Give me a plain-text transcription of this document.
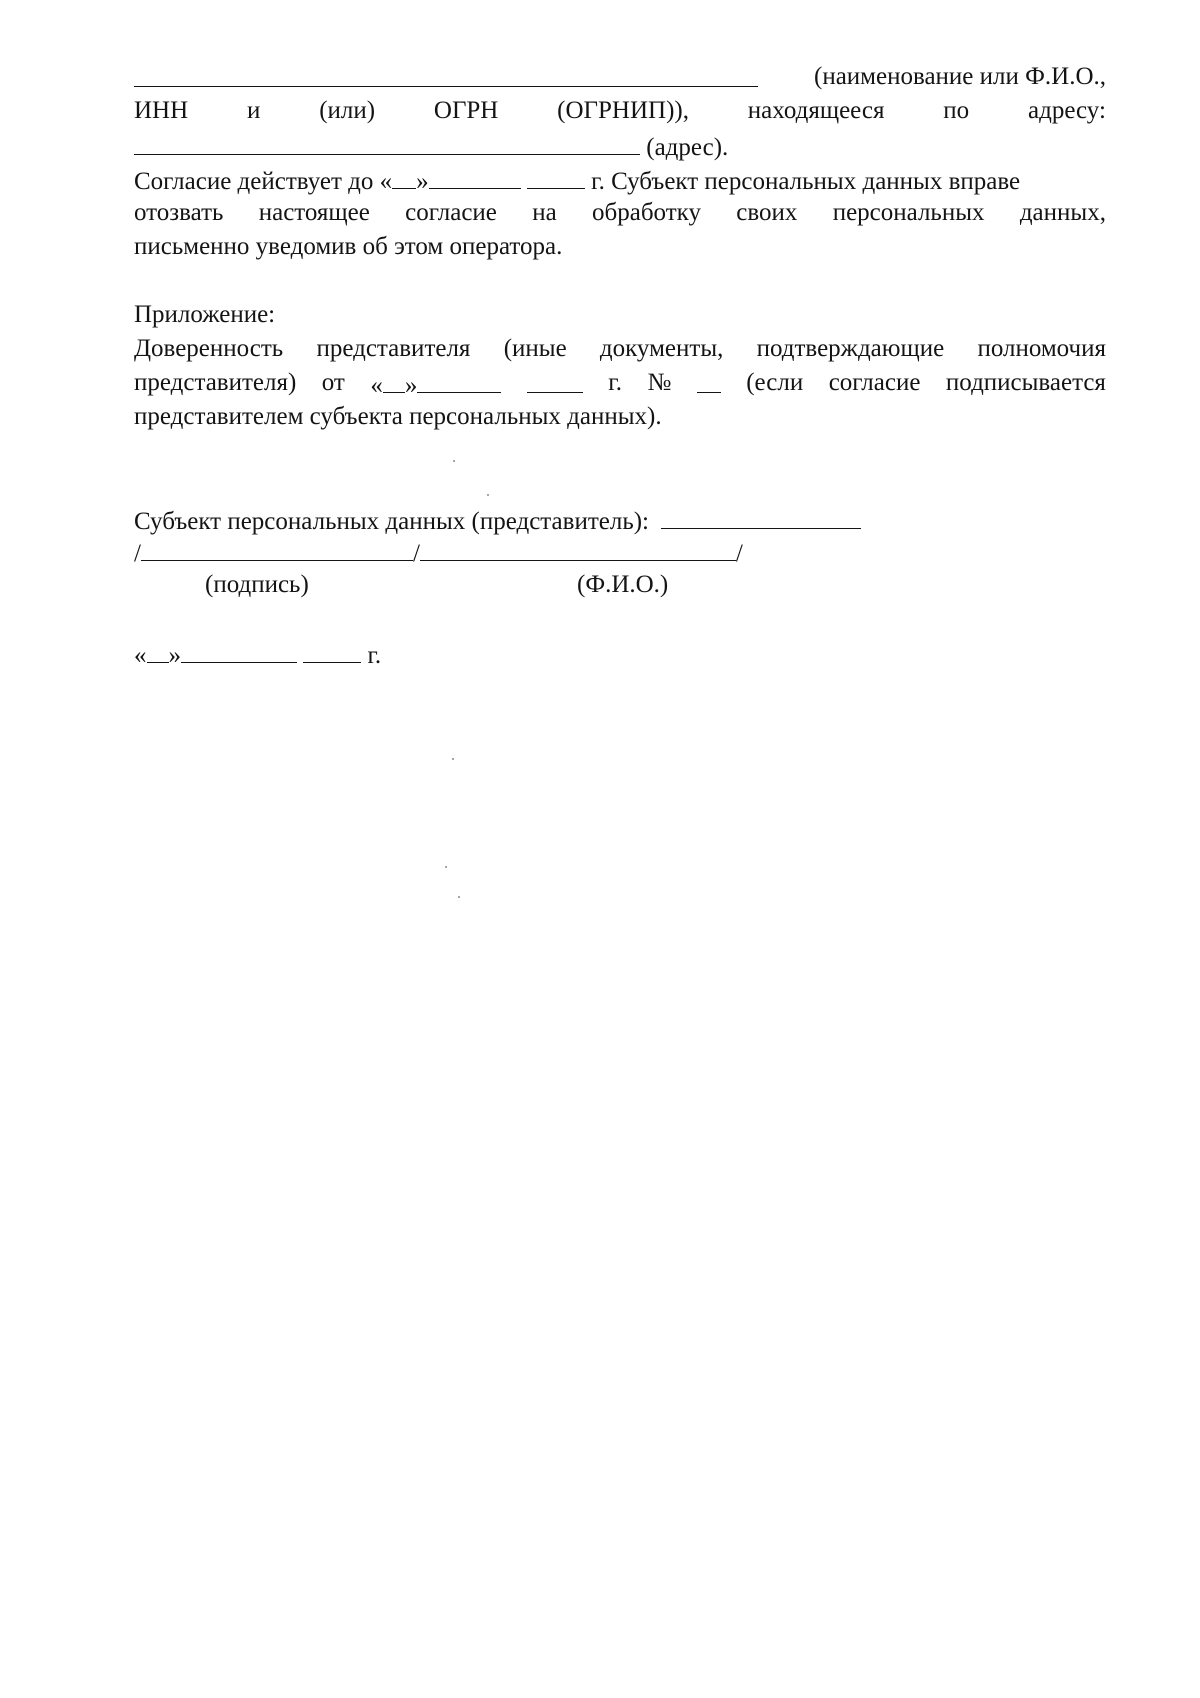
(наименование или Ф.И.О.,
ИНН и (или) ОГРН (ОГРНИП)), находящееся по адресу:
(адрес).
Согласие действует до « »	г. Субъект персональных данных вправе
отозвать настоящее согласие на обработку своих персональных данных,
письменно уведомив об этом оператора.
Приложение:
Доверенность представителя (иные документы, подтверждающие полномочия
представителя) от « »	г. №	(если согласие подписывается
представителем субъекта персональных данных).
Субъект персональных данных (представитель):
/	/	/
(подпись)	(Ф.И.О.)
« »	г.
